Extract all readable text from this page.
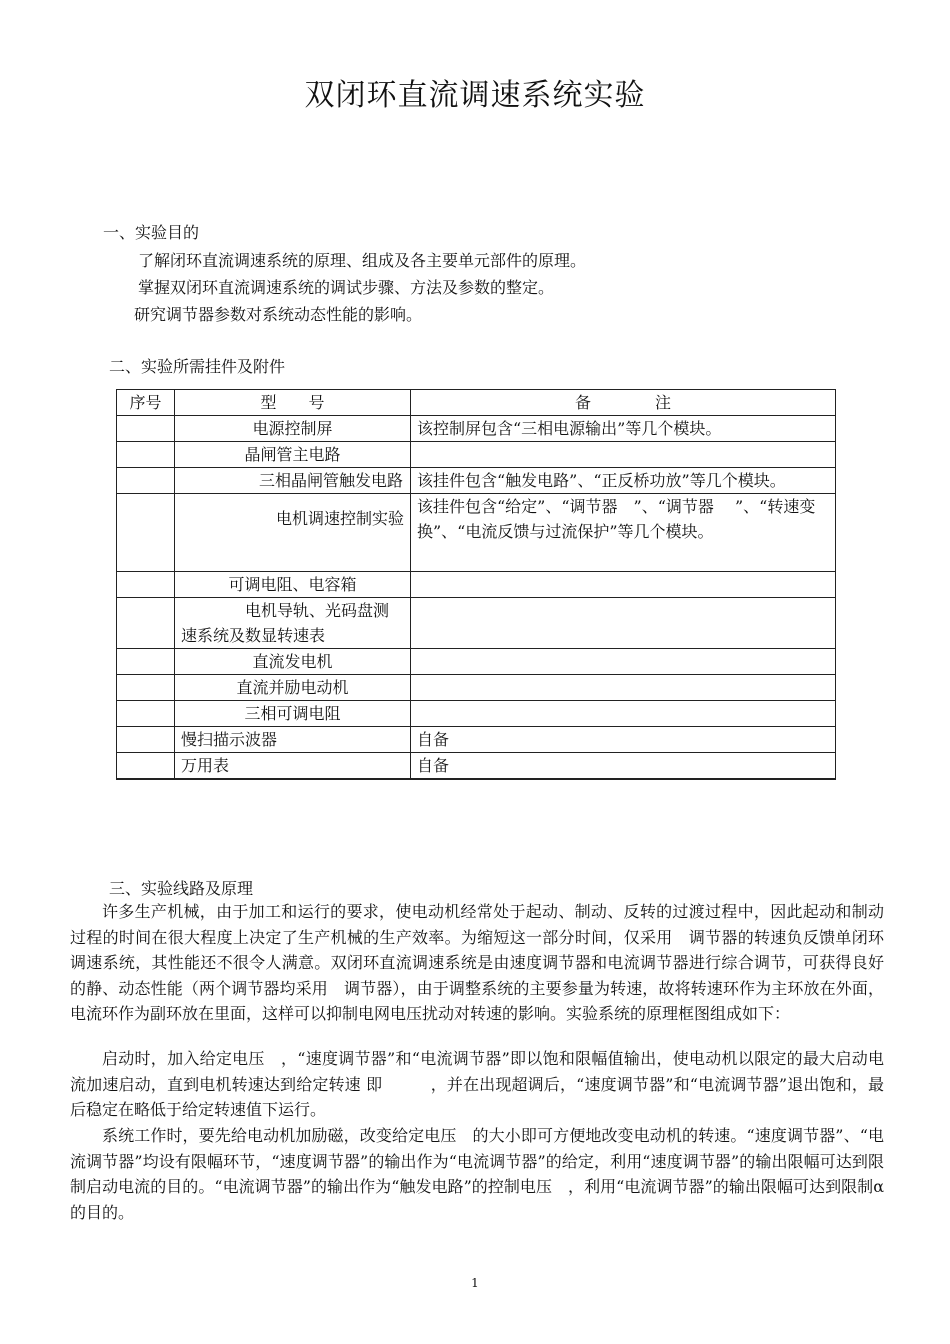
双闭环直流调速系统实验
一、实验目的
了解闭环直流调速系统的原理、组成及各主要单元部件的原理。
掌握双闭环直流调速系统的调试步骤、方法及参数的整定。
研究调节器参数对系统动态性能的影响。
二、实验所需挂件及附件
序号	型　　号	备　　　　注
	电源控制屏	该控制屏包含“三相电源输出”等几个模块。
	晶闸管主电路	
	三相晶闸管触发电路	该挂件包含“触发电路”、“正反桥功放”等几个模块。
	电机调速控制实验	该挂件包含“给定”、“调节器　”、“调节器　 ”、“转速变换”、“电流反馈与过流保护”等几个模块。
	可调电阻、电容箱	
	电机导轨、光码盘测速系统及数显转速表	
	直流发电机	
	直流并励电动机	
	三相可调电阻	
	慢扫描示波器	自备
	万用表	自备

三、实验线路及原理
许多生产机械，由于加工和运行的要求，使电动机经常处于起动、制动、反转的过渡过程中，因此起动和制动过程的时间在很大程度上决定了生产机械的生产效率。为缩短这一部分时间，仅采用　调节器的转速负反馈单闭环调速系统，其性能还不很令人满意。双闭环直流调速系统是由速度调节器和电流调节器进行综合调节，可获得良好的静、动态性能（两个调节器均采用　调节器），由于调整系统的主要参量为转速，故将转速环作为主环放在外面，电流环作为副环放在里面，这样可以抑制电网电压扰动对转速的影响。实验系统的原理框图组成如下：
启动时，加入给定电压　，“速度调节器”和“电流调节器”即以饱和限幅值输出，使电动机以限定的最大启动电流加速启动，直到电机转速达到给定转速 即　　　，并在出现超调后，“速度调节器”和“电流调节器”退出饱和，最后稳定在略低于给定转速值下运行。
系统工作时，要先给电动机加励磁，改变给定电压　的大小即可方便地改变电动机的转速。“速度调节器”、“电流调节器”均设有限幅环节，“速度调节器”的输出作为“电流调节器”的给定，利用“速度调节器”的输出限幅可达到限制启动电流的目的。“电流调节器”的输出作为“触发电路”的控制电压　，利用“电流调节器”的输出限幅可达到限制α　的目的。
1
